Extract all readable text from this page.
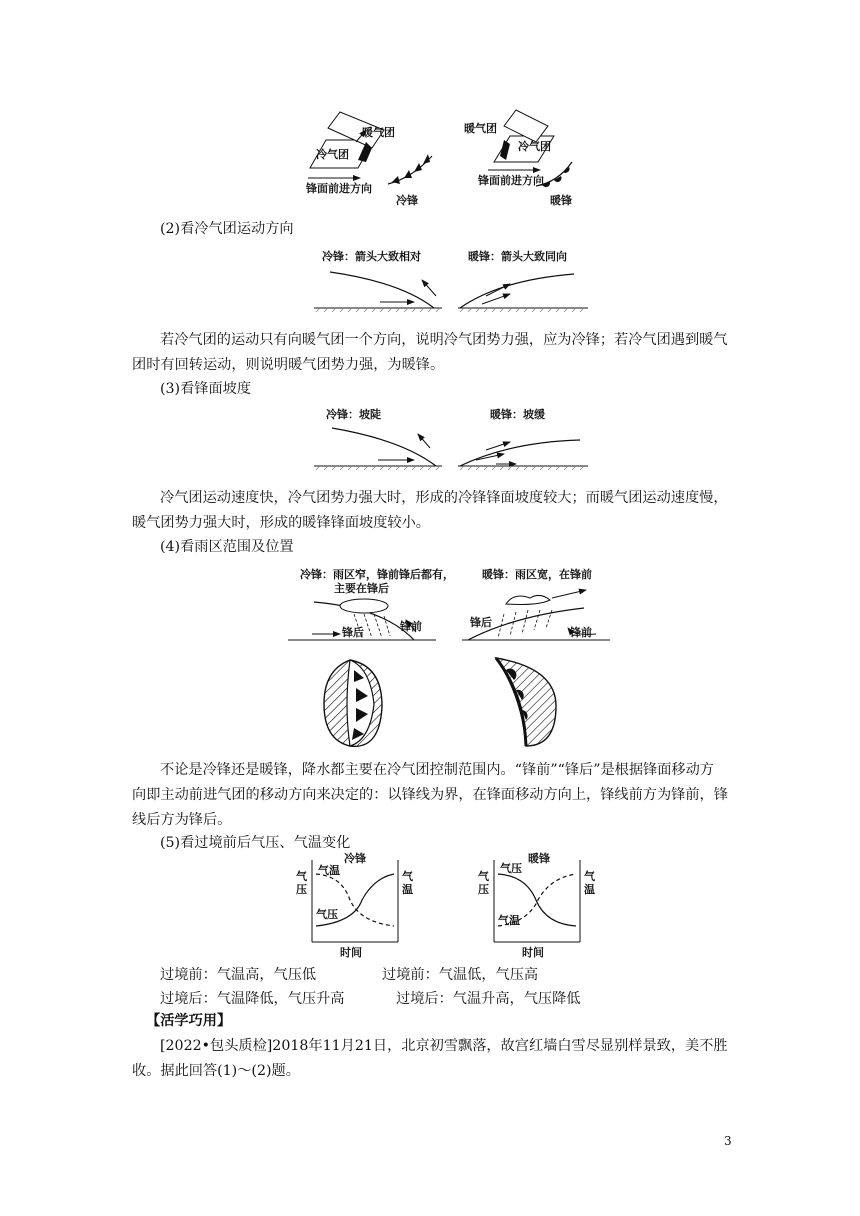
暖气团
冷气团
锋面前进方向
冷锋
暖气团
冷气团
锋面前进方向
暖锋
(2)看冷气团运动方向
冷锋：箭头大致相对	暖锋：箭头大致同向
若冷气团的运动只有向暖气团一个方向，说明冷气团势力强，应为冷锋；若冷气团遇到暖气团时有回转运动，则说明暖气团势力强，为暖锋。
(3)看锋面坡度
冷锋：坡陡	暖锋：坡缓
冷气团运动速度快，冷气团势力强大时，形成的冷锋锋面坡度较大；而暖气团运动速度慢，暖气团势力强大时，形成的暖锋锋面坡度较小。
(4)看雨区范围及位置
冷锋：雨区窄，锋前锋后都有，
主要在锋后
暖锋：雨区宽，在锋前
锋后	锋前	锋后
锋前
不论是冷锋还是暖锋，降水都主要在冷气团控制范围内。“锋前”“锋后”是根据锋面移动方向即主动前进气团的移动方向来决定的：以锋线为界，在锋面移动方向上，锋线前方为锋前，锋线后方为锋后。
(5)看过境前后气压、气温变化
冷锋
气温
气压
时间
气压
气温
暖锋
气压
气温
时间
气压
气温
过境前：气温高，气压低	过境前：气温低，气压高
过境后：气温降低，气压升高	过境后：气温升高，气压降低
【活学巧用】
[2022•包头质检]2018年11月21日，北京初雪飘落，故宫红墙白雪尽显别样景致，美不胜收。据此回答(1)～(2)题。
3
